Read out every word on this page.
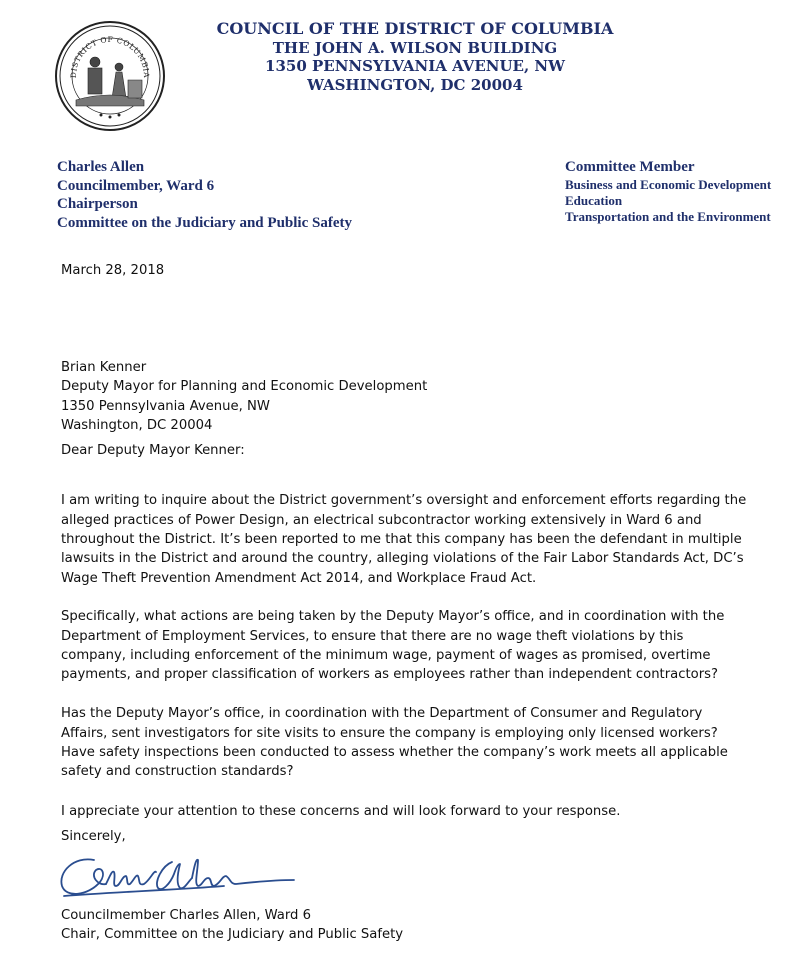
DISTRICT OF COLUMBIA
COUNCIL OF THE DISTRICT OF COLUMBIA
THE JOHN A. WILSON BUILDING
1350 PENNSYLVANIA AVENUE, NW
WASHINGTON, DC 20004
Charles Allen
Councilmember, Ward 6
Chairperson
Committee on the Judiciary and Public Safety
Committee Member
Business and Economic Development
Education
Transportation and the Environment
March 28, 2018
Brian Kenner
Deputy Mayor for Planning and Economic Development
1350 Pennsylvania Avenue, NW
Washington, DC 20004
Dear Deputy Mayor Kenner:

I am writing to inquire about the District government’s oversight and enforcement efforts regarding the alleged practices of Power Design, an electrical subcontractor working extensively in Ward 6 and throughout the District. It’s been reported to me that this company has been the defendant in multiple lawsuits in the District and around the country, alleging violations of the Fair Labor Standards Act, DC’s Wage Theft Prevention Amendment Act 2014, and Workplace Fraud Act.

Specifically, what actions are being taken by the Deputy Mayor’s office, and in coordination with the Department of Employment Services, to ensure that there are no wage theft violations by this company, including enforcement of the minimum wage, payment of wages as promised, overtime payments, and proper classification of workers as employees rather than independent contractors?

Has the Deputy Mayor’s office, in coordination with the Department of Consumer and Regulatory Affairs, sent investigators for site visits to ensure the company is employing only licensed workers? Have safety inspections been conducted to assess whether the company’s work meets all applicable safety and construction standards?

I appreciate your attention to these concerns and will look forward to your response.

Sincerely,
Councilmember Charles Allen, Ward 6
Chair, Committee on the Judiciary and Public Safety
